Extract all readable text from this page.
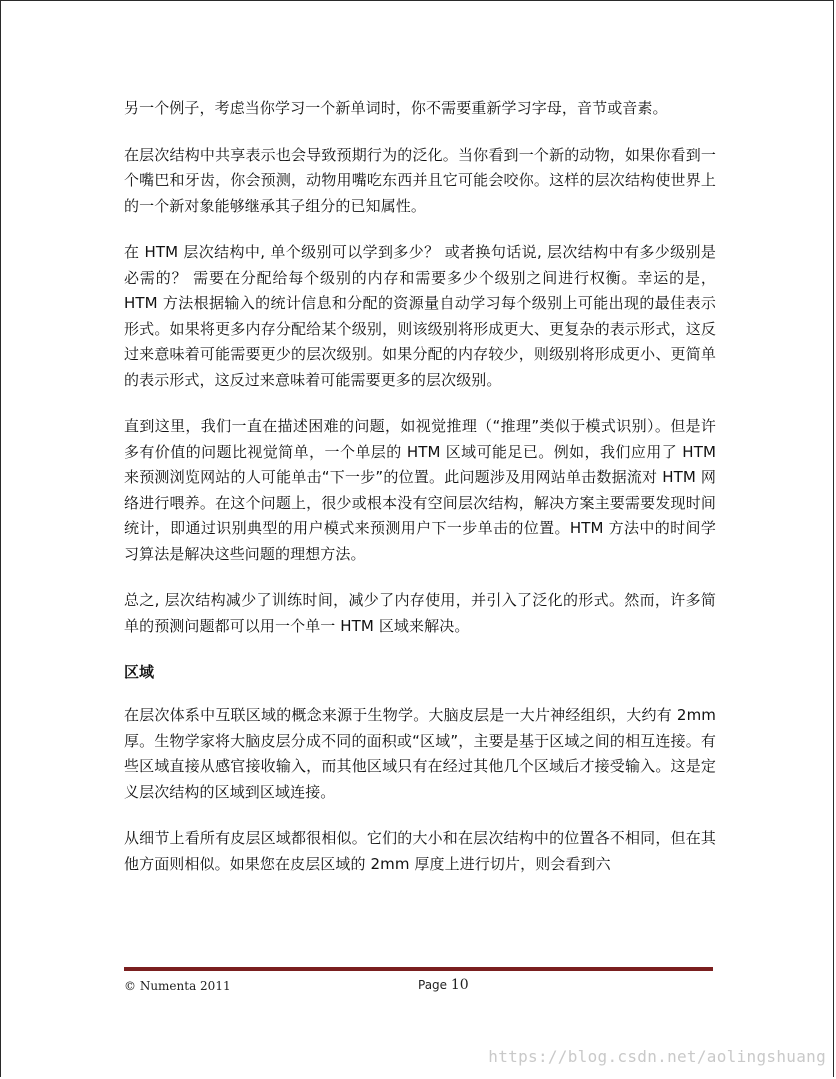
另一个例子，考虑当你学习一个新单词时，你不需要重新学习字母，音节或音素。

在层次结构中共享表示也会导致预期行为的泛化。当你看到一个新的动物，如果你看到一个嘴巴和牙齿，你会预测，动物用嘴吃东西并且它可能会咬你。这样的层次结构使世界上的一个新对象能够继承其子组分的已知属性。

在 HTM 层次结构中, 单个级别可以学到多少？ 或者换句话说, 层次结构中有多少级别是必需的？ 需要在分配给每个级别的内存和需要多少个级别之间进行权衡。幸运的是，HTM 方法根据输入的统计信息和分配的资源量自动学习每个级别上可能出现的最佳表示形式。如果将更多内存分配给某个级别，则该级别将形成更大、更复杂的表示形式，这反过来意味着可能需要更少的层次级别。如果分配的内存较少，则级别将形成更小、更简单的表示形式，这反过来意味着可能需要更多的层次级别。

直到这里，我们一直在描述困难的问题，如视觉推理（“推理”类似于模式识别）。但是许多有价值的问题比视觉简单，一个单层的 HTM 区域可能足已。例如，我们应用了 HTM 来预测浏览网站的人可能单击“下一步”的位置。此问题涉及用网站单击数据流对 HTM 网络进行喂养。在这个问题上，很少或根本没有空间层次结构，解决方案主要需要发现时间统计，即通过识别典型的用户模式来预测用户下一步单击的位置。HTM 方法中的时间学习算法是解决这些问题的理想方法。

总之, 层次结构减少了训练时间，减少了内存使用，并引入了泛化的形式。然而，许多简单的预测问题都可以用一个单一 HTM 区域来解决。

区域

在层次体系中互联区域的概念来源于生物学。大脑皮层是一大片神经组织，大约有 2mm 厚。生物学家将大脑皮层分成不同的面积或“区域”，主要是基于区域之间的相互连接。有些区域直接从感官接收输入，而其他区域只有在经过其他几个区域后才接受输入。这是定义层次结构的区域到区域连接。

从细节上看所有皮层区域都很相似。它们的大小和在层次结构中的位置各不相同，但在其他方面则相似。如果您在皮层区域的 2mm 厚度上进行切片，则会看到六

© Numenta 2011	Page 10
https://blog.csdn.net/aolingshuang
